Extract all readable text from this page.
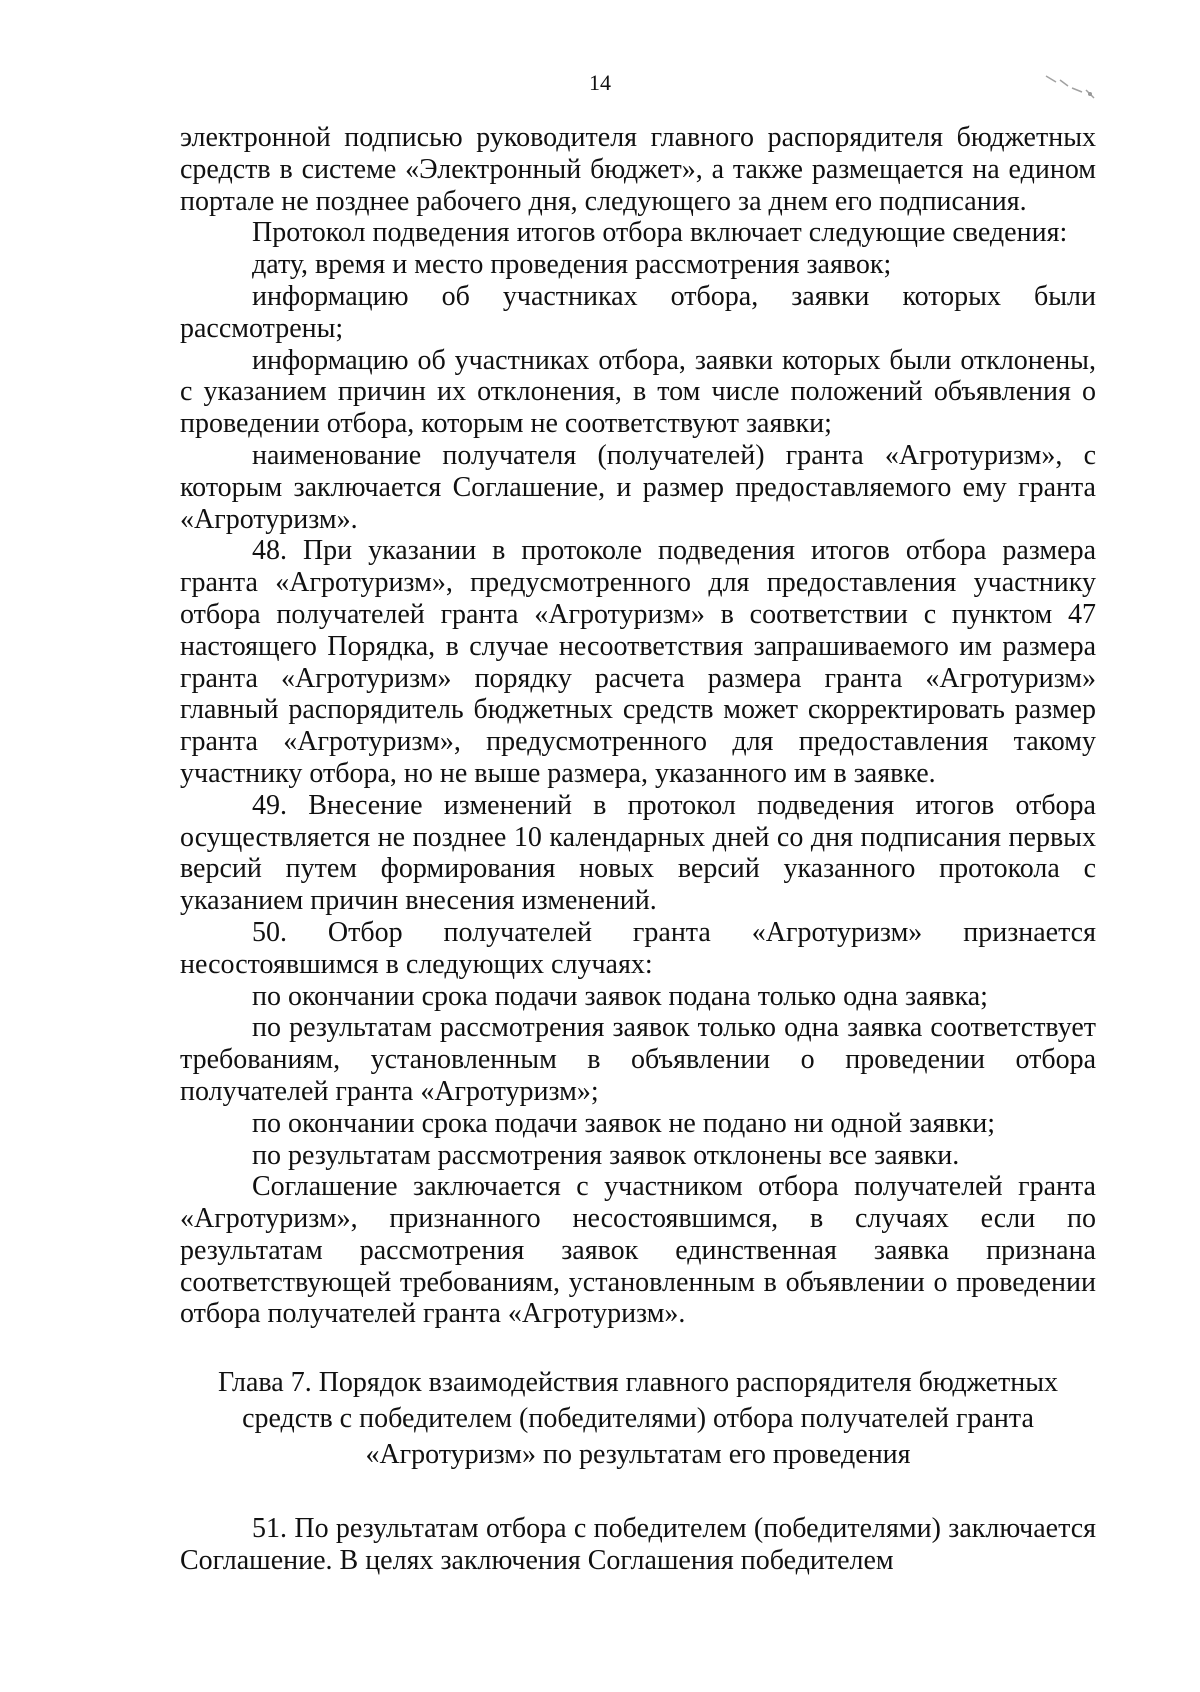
14

электронной подписью руководителя главного распорядителя бюджетных средств в системе «Электронный бюджет», а также размещается на едином портале не позднее рабочего дня, следующего за днем его подписания.

Протокол подведения итогов отбора включает следующие сведения:

дату, время и место проведения рассмотрения заявок;

информацию об участниках отбора, заявки которых были рассмотрены;

информацию об участниках отбора, заявки которых были отклонены, с указанием причин их отклонения, в том числе положений объявления о проведении отбора, которым не соответствуют заявки;

наименование получателя (получателей) гранта «Агротуризм», с которым заключается Соглашение, и размер предоставляемого ему гранта «Агротуризм».

48. При указании в протоколе подведения итогов отбора размера гранта «Агротуризм», предусмотренного для предоставления участнику отбора получателей гранта «Агротуризм» в соответствии с пунктом 47 настоящего Порядка, в случае несоответствия запрашиваемого им размера гранта «Агротуризм» порядку расчета размера гранта «Агротуризм» главный распорядитель бюджетных средств может скорректировать размер гранта «Агротуризм», предусмотренного для предоставления такому участнику отбора, но не выше размера, указанного им в заявке.

49. Внесение изменений в протокол подведения итогов отбора осуществляется не позднее 10 календарных дней со дня подписания первых версий путем формирования новых версий указанного протокола с указанием причин внесения изменений.

50. Отбор получателей гранта «Агротуризм» признается несостоявшимся в следующих случаях:

по окончании срока подачи заявок подана только одна заявка;

по результатам рассмотрения заявок только одна заявка соответствует требованиям, установленным в объявлении о проведении отбора получателей гранта «Агротуризм»;

по окончании срока подачи заявок не подано ни одной заявки;

по результатам рассмотрения заявок отклонены все заявки.

Соглашение заключается с участником отбора получателей гранта «Агротуризм», признанного несостоявшимся, в случаях если по результатам рассмотрения заявок единственная заявка признана соответствующей требованиям, установленным в объявлении о проведении отбора получателей гранта «Агротуризм».

Глава 7. Порядок взаимодействия главного распорядителя бюджетных
средств с победителем (победителями) отбора получателей гранта
«Агротуризм» по результатам его проведения

51. По результатам отбора с победителем (победителями) заключается Соглашение. В целях заключения Соглашения победителем
